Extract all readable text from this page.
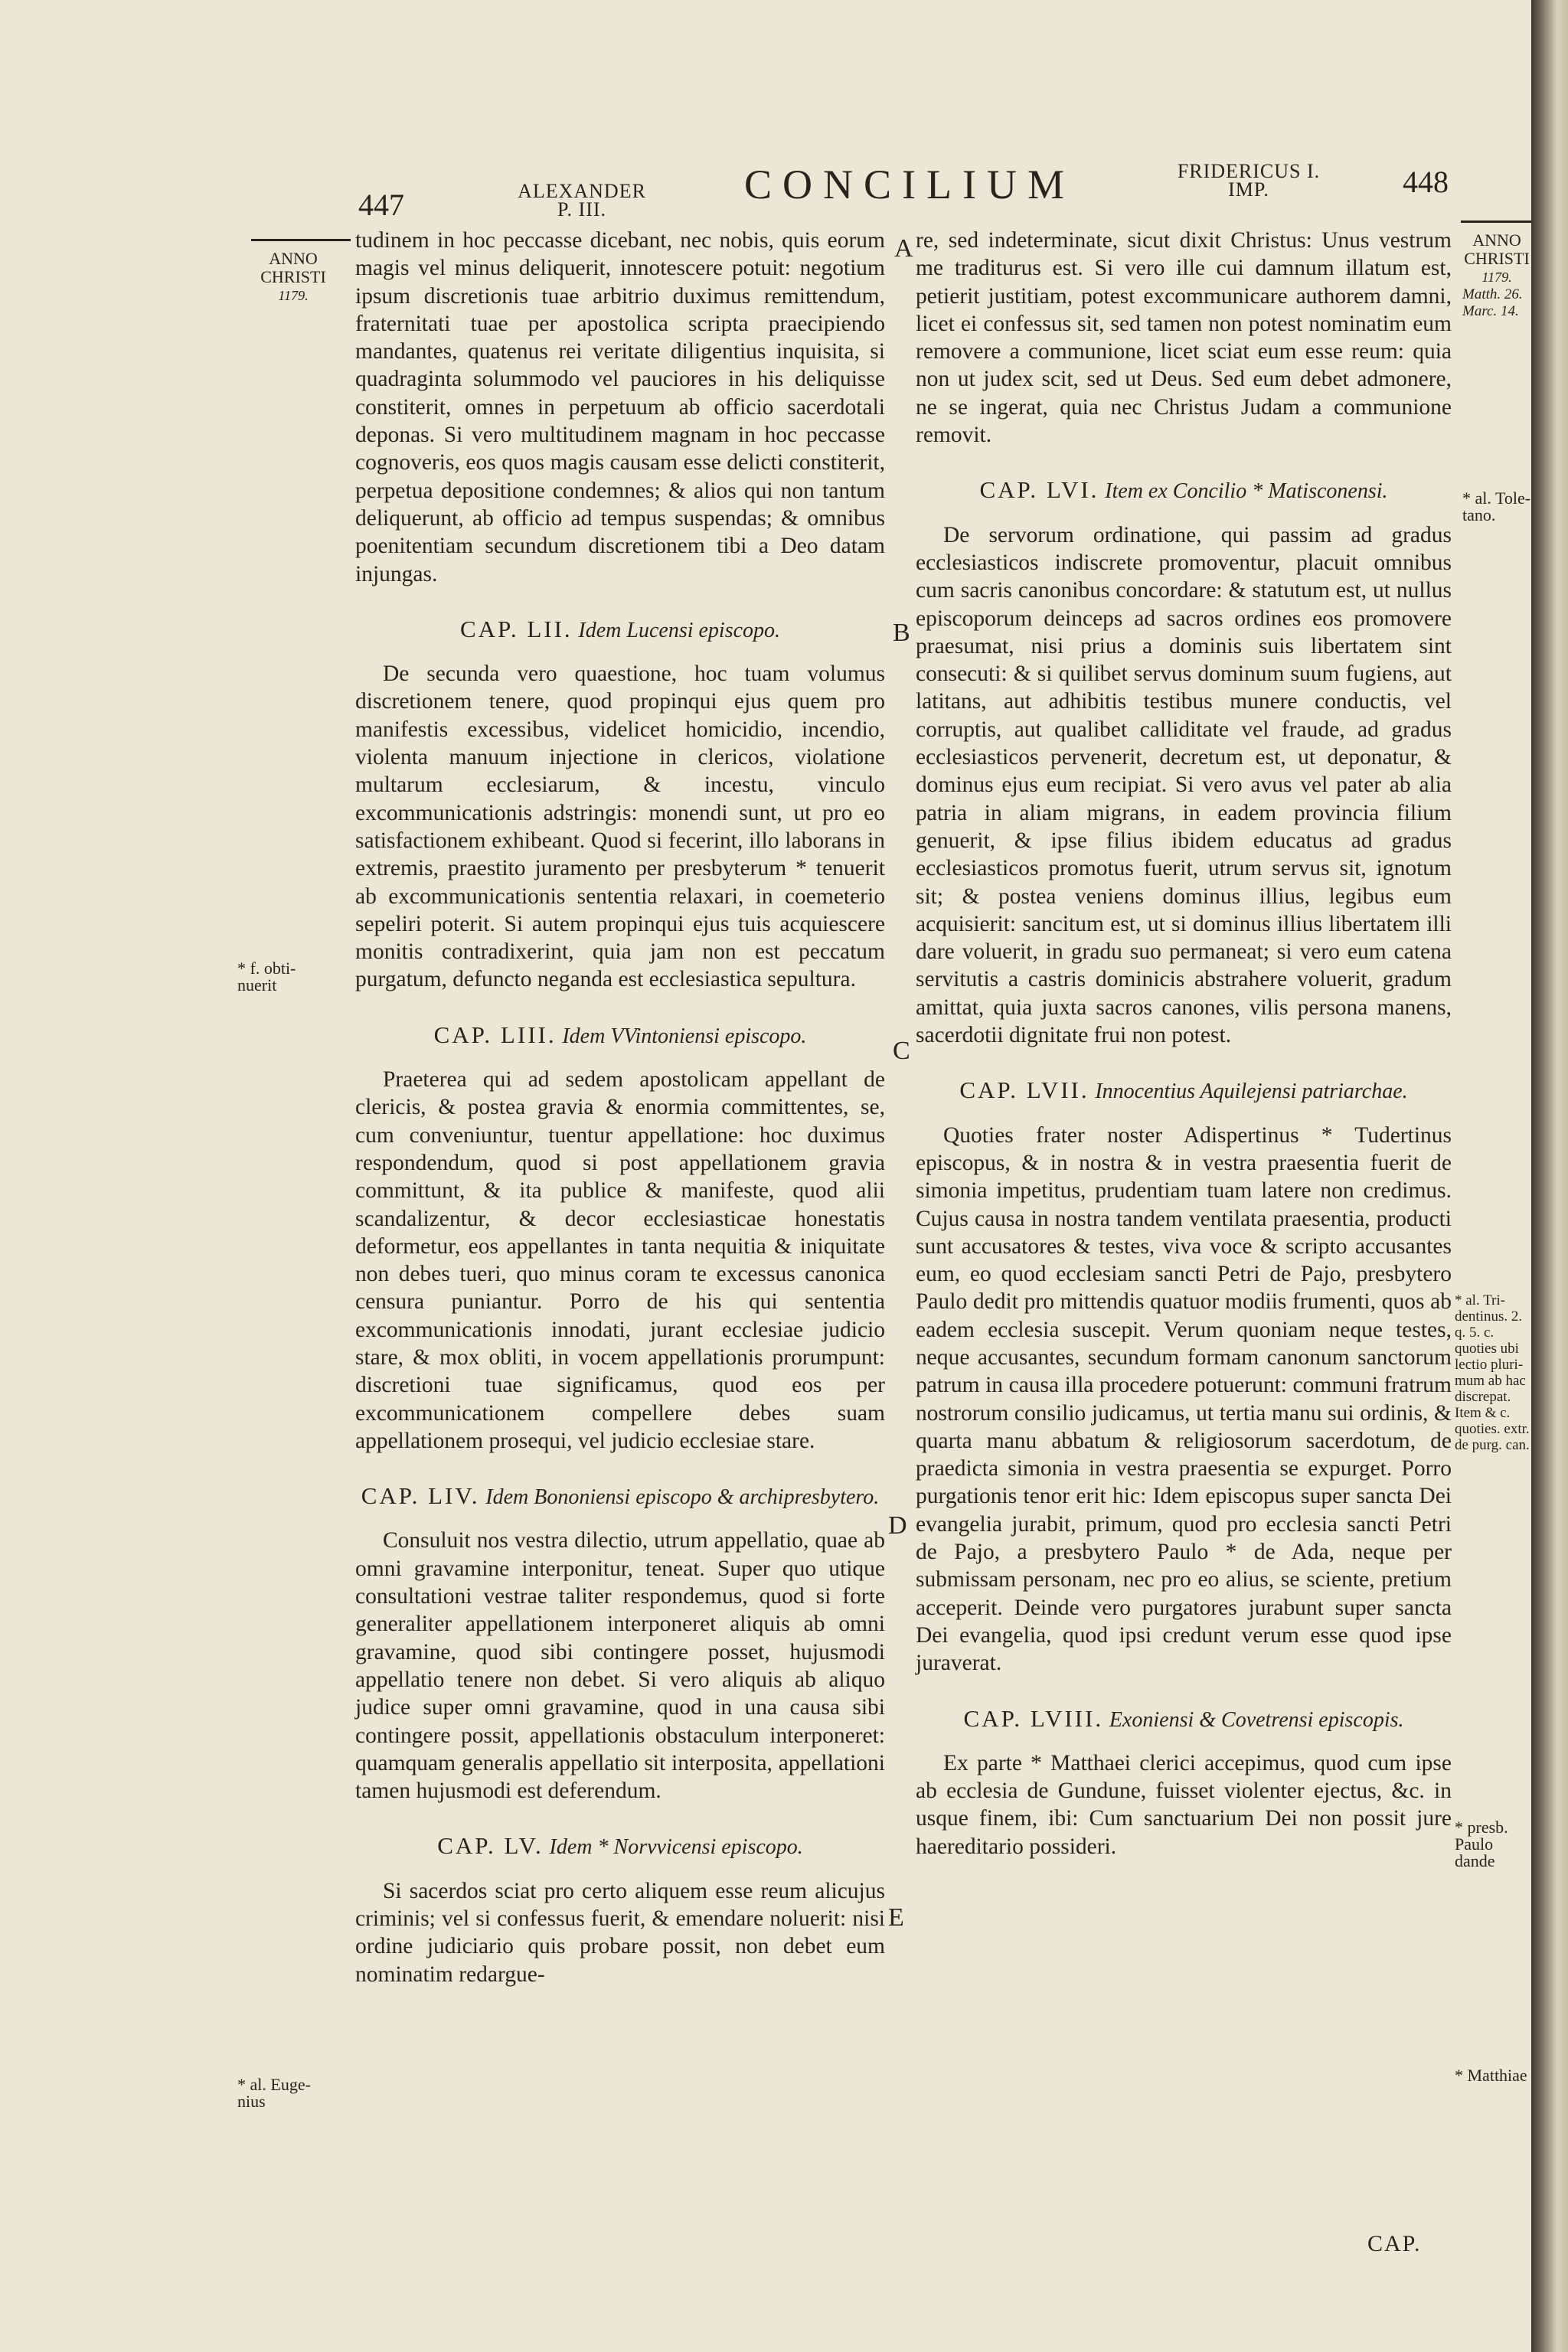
447	ALEXANDER
P. III.
CONCILIUM	FRIDERICUS I.
IMP.	448
ANNO
CHRISTI
1179.
* f. obti-nuerit
* al. Euge-nius
ANNO
CHRISTI
1179.
Matth. 26. Marc. 14.
* al. Tole-tano.
* al. Tri-dentinus. 2. q. 5. c. quoties ubi lectio pluri-mum ab hac discrepat. Item & c. quoties. extr. de purg. can.
* presb. Paulo dande
* Matthiae
A
B
C
D
E

tudinem in hoc peccasse dicebant, nec nobis, quis eorum magis vel minus deliquerit, innotescere potuit: negotium ipsum discretionis tuae arbitrio duximus remittendum, fraternitati tuae per apostolica scripta praecipiendo mandantes, quatenus rei veritate diligentius inquisita, si quadraginta solummodo vel pauciores in his deliquisse constiterit, omnes in perpetuum ab officio sacerdotali deponas. Si vero multitudinem magnam in hoc peccasse cognoveris, eos quos magis causam esse delicti constiterit, perpetua depositione condemnes; & alios qui non tantum deliquerunt, ab officio ad tempus suspendas; & omnibus poenitentiam secundum discretionem tibi a Deo datam injungas.

CAP. LII. Idem Lucensi episcopo.

De secunda vero quaestione, hoc tuam volumus discretionem tenere, quod propinqui ejus quem pro manifestis excessibus, videlicet homicidio, incendio, violenta manuum injectione in clericos, violatione multarum ecclesiarum, & incestu, vinculo excommunicationis adstringis: monendi sunt, ut pro eo satisfactionem exhibeant. Quod si fecerint, illo laborans in extremis, praestito juramento per presbyterum * tenuerit ab excommunicationis sententia relaxari, in coemeterio sepeliri poterit. Si autem propinqui ejus tuis acquiescere monitis contradixerint, quia jam non est peccatum purgatum, defuncto neganda est ecclesiastica sepultura.

CAP. LIII. Idem VVintoniensi episcopo.

Praeterea qui ad sedem apostolicam appellant de clericis, & postea gravia & enormia committentes, se, cum conveniuntur, tuentur appellatione: hoc duximus respondendum, quod si post appellationem gravia committunt, & ita publice & manifeste, quod alii scandalizentur, & decor ecclesiasticae honestatis deformetur, eos appellantes in tanta nequitia & iniquitate non debes tueri, quo minus coram te excessus canonica censura puniantur. Porro de his qui sententia excommunicationis innodati, jurant ecclesiae judicio stare, & mox obliti, in vocem appellationis prorumpunt: discretioni tuae significamus, quod eos per excommunicationem compellere debes suam appellationem prosequi, vel judicio ecclesiae stare.

CAP. LIV. Idem Bononiensi episcopo & archipresbytero.

Consuluit nos vestra dilectio, utrum appellatio, quae ab omni gravamine interponitur, teneat. Super quo utique consultationi vestrae taliter respondemus, quod si forte generaliter appellationem interponeret aliquis ab omni gravamine, quod sibi contingere posset, hujusmodi appellatio tenere non debet. Si vero aliquis ab aliquo judice super omni gravamine, quod in una causa sibi contingere possit, appellationis obstaculum interponeret: quamquam generalis appellatio sit interposita, appellationi tamen hujusmodi est deferendum.

CAP. LV. Idem * Norvvicensi episcopo.

Si sacerdos sciat pro certo aliquem esse reum alicujus criminis; vel si confessus fuerit, & emendare noluerit: nisi ordine judiciario quis probare possit, non debet eum nominatim redargue-

re, sed indeterminate, sicut dixit Christus: Unus vestrum me traditurus est. Si vero ille cui damnum illatum est, petierit justitiam, potest excommunicare authorem damni, licet ei confessus sit, sed tamen non potest nominatim eum removere a communione, licet sciat eum esse reum: quia non ut judex scit, sed ut Deus. Sed eum debet admonere, ne se ingerat, quia nec Christus Judam a communione removit.

CAP. LVI. Item ex Concilio * Matisconensi.

De servorum ordinatione, qui passim ad gradus ecclesiasticos indiscrete promoventur, placuit omnibus cum sacris canonibus concordare: & statutum est, ut nullus episcoporum deinceps ad sacros ordines eos promovere praesumat, nisi prius a dominis suis libertatem sint consecuti: & si quilibet servus dominum suum fugiens, aut latitans, aut adhibitis testibus munere conductis, vel corruptis, aut qualibet calliditate vel fraude, ad gradus ecclesiasticos pervenerit, decretum est, ut deponatur, & dominus ejus eum recipiat. Si vero avus vel pater ab alia patria in aliam migrans, in eadem provincia filium genuerit, & ipse filius ibidem educatus ad gradus ecclesiasticos promotus fuerit, utrum servus sit, ignotum sit; & postea veniens dominus illius, legibus eum acquisierit: sancitum est, ut si dominus illius libertatem illi dare voluerit, in gradu suo permaneat; si vero eum catena servitutis a castris dominicis abstrahere voluerit, gradum amittat, quia juxta sacros canones, vilis persona manens, sacerdotii dignitate frui non potest.

CAP. LVII. Innocentius Aquilejensi patriarchae.

Quoties frater noster Adispertinus * Tudertinus episcopus, & in nostra & in vestra praesentia fuerit de simonia impetitus, prudentiam tuam latere non credimus. Cujus causa in nostra tandem ventilata praesentia, producti sunt accusatores & testes, viva voce & scripto accusantes eum, eo quod ecclesiam sancti Petri de Pajo, presbytero Paulo dedit pro mittendis quatuor modiis frumenti, quos ab eadem ecclesia suscepit. Verum quoniam neque testes, neque accusantes, secundum formam canonum sanctorum patrum in causa illa procedere potuerunt: communi fratrum nostrorum consilio judicamus, ut tertia manu sui ordinis, & quarta manu abbatum & religiosorum sacerdotum, de praedicta simonia in vestra praesentia se expurget. Porro purgationis tenor erit hic: Idem episcopus super sancta Dei evangelia jurabit, primum, quod pro ecclesia sancti Petri de Pajo, a presbytero Paulo * de Ada, neque per submissam personam, nec pro eo alius, se sciente, pretium acceperit. Deinde vero purgatores jurabunt super sancta Dei evangelia, quod ipsi credunt verum esse quod ipse juraverat.

CAP. LVIII. Exoniensi & Covetrensi episcopis.

Ex parte * Matthaei clerici accepimus, quod cum ipse ab ecclesia de Gundune, fuisset violenter ejectus, &c. in usque finem, ibi: Cum sanctuarium Dei non possit jure haereditario possideri.

CAP.
